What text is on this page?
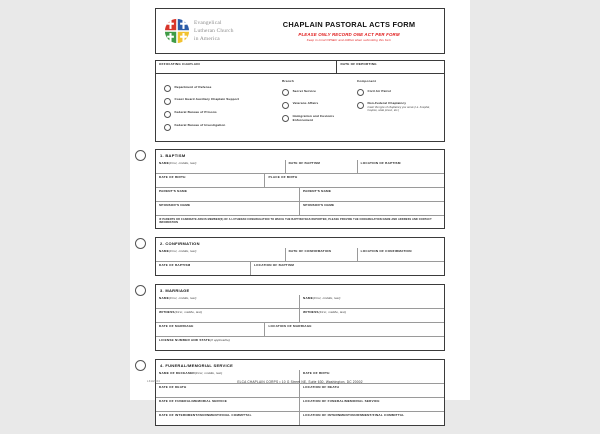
Evangelical
Lutheran Church
in America
CHAPLAIN PASTORAL ACTS FORM
PLEASE ONLY RECORD ONE ACT PER FORM
Keep in mind OPSEC and HIPAA when submitting this form
OFFICIATING CHAPLAIN	DATE OF REPORTING
Department of Defense
Coast Guard Auxiliary Chaplain Support
Federal Bureau of Prisons
Federal Bureau of Investigation
Branch
Secret Service
Veterans Affairs
Immigration and Customs Enforcement
Component
Civil Air Patrol
Non-Federal Chaplaincy
Insert the type of chaplaincy you serve (i.e. hospital, hospice, state prison, etc.)
1. BAPTISM
NAME(First, middle, last)	DATE OF BAPTISM	LOCATION OF BAPTISM
DATE OF BIRTH	PLACE OF BIRTH
PARENT'S NAME	PARENT'S NAME
SPONSOR'S NAME	SPONSOR'S NAME
IF PARENTS OR CANDIDATE ARE/IS MEMBER(S) OF A LUTHERAN CONGREGATION TO WHICH THE BAPTISM WAS REPORTED, PLEASE PROVIDE THE CONGREGATION NAME AND ADDRESS AND CONTACT INFORMATION
2. CONFIRMATION
NAME(First, middle, last)	DATE OF CONFIRMATION	LOCATION OF CONFIRMATION
DATE OF BAPTISM	LOCATION OF BAPTISM
3. MARRIAGE
NAME(First, middle, last)	NAME(First, middle, last)
WITNESS(First, middle, last)	WITNESS(First, middle, last)
DATE OF MARRIAGE	LOCATION OF MARRIAGE
LICENSE NUMBER AND STATE(if applicable)
4. FUNERAL/MEMORIAL SERVICE
NAME OF DECEASED(First, middle, last)	DATE OF BIRTH
DATE OF DEATH	LOCATION OF DEATH
DATE OF FUNERAL/MEMORIAL SERVICE	LOCATION OF FUNERAL/MEMORIAL SERVICE
DATE OF INTERNMENT/INURNMENT/FINAL COMMITTAL	LOCATION OF INTERNMENT/INURNMENT/FINAL COMMITTAL
LKH2024	ELCA CHAPLAIN CORPS • 10 G Street NE, Suite 630, Washington, DC 20002
